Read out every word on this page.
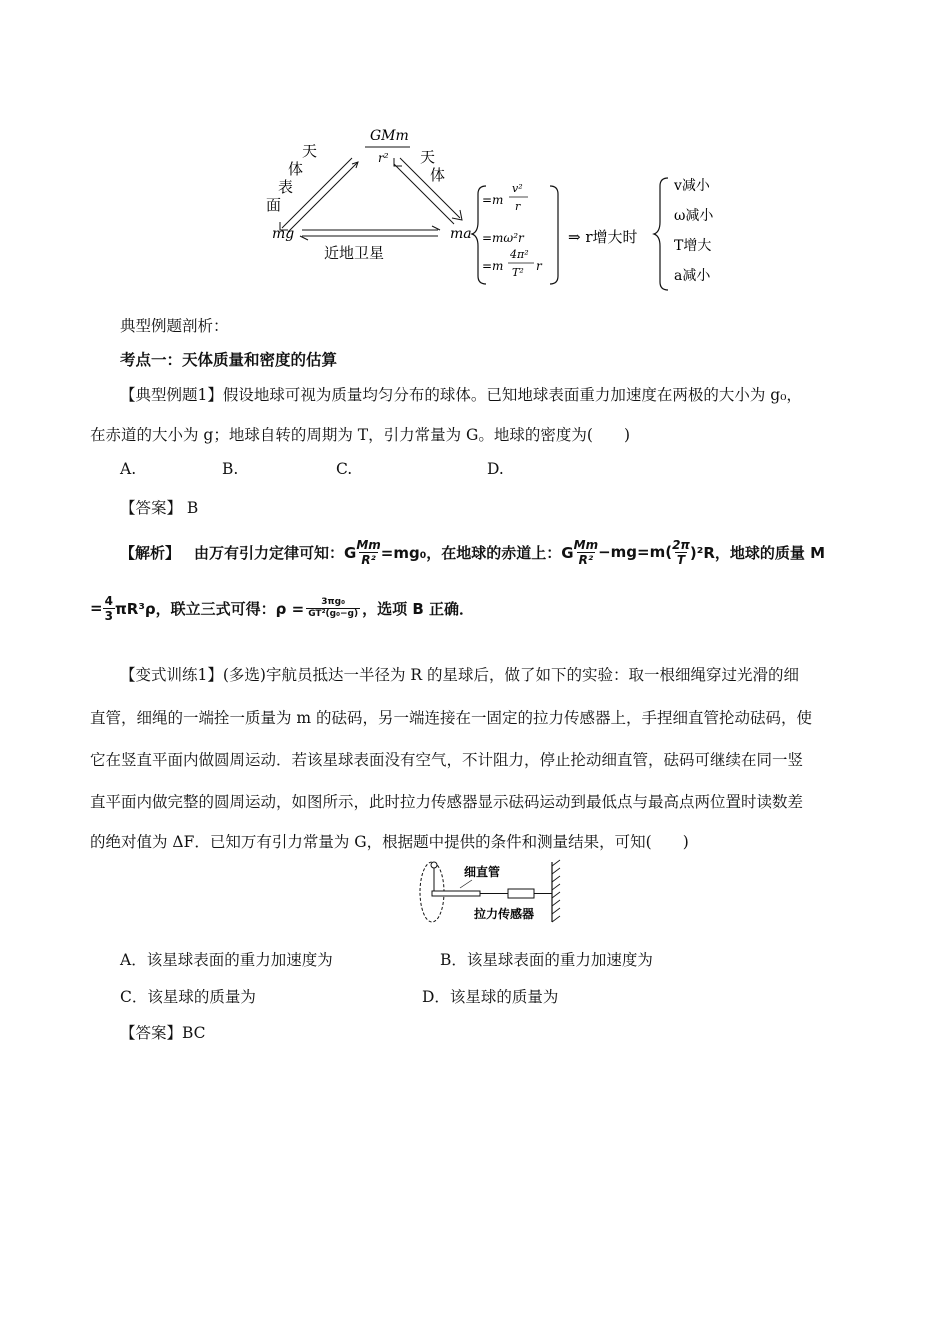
GMm
r²
天
体
表
面
天
体
mg	ma
近地卫星
=m
v²
r
=mω²r
=m
4π²
T² r
⇒ r增大时
v减小
ω减小
T增大
a减小
典型例题剖析：
考点一：天体质量和密度的估算
【典型例题1】假设地球可视为质量均匀分布的球体。已知地球表面重力加速度在两极的大小为 g₀，
在赤道的大小为 g；地球自转的周期为 T，引力常量为 G。地球的密度为(　　)
A.	B.	C.	D.
【答案】 B
【解析】 由万有引力定律可知：G $\frac{Mm}{\text{R²}} =mg_0$，在地球的赤道上：G $\frac{Mm}{\text{R²}} -mg=m( \frac{2\pi}{T} )^2R$，地球的质量 M
= $\frac{4}{3} \pi R^3\rho$，联立三式可得：$\rho = \frac{\text{3πg₀}}{\text{GT²(g₀−g)}}$ ，选项 B 正确．
【变式训练1】(多选)宇航员抵达一半径为 R 的星球后，做了如下的实验：取一根细绳穿过光滑的细
直管，细绳的一端拴一质量为 m 的砝码，另一端连接在一固定的拉力传感器上，手捏细直管抡动砝码，使
它在竖直平面内做圆周运动．若该星球表面没有空气，不计阻力，停止抡动细直管，砝码可继续在同一竖
直平面内做完整的圆周运动，如图所示，此时拉力传感器显示砝码运动到最低点与最高点两位置时读数差
的绝对值为 ΔF．已知万有引力常量为 G，根据题中提供的条件和测量结果，可知(　　)
细直管
拉力传感器
A．该星球表面的重力加速度为	B．该星球表面的重力加速度为
C．该星球的质量为	D．该星球的质量为
【答案】BC
